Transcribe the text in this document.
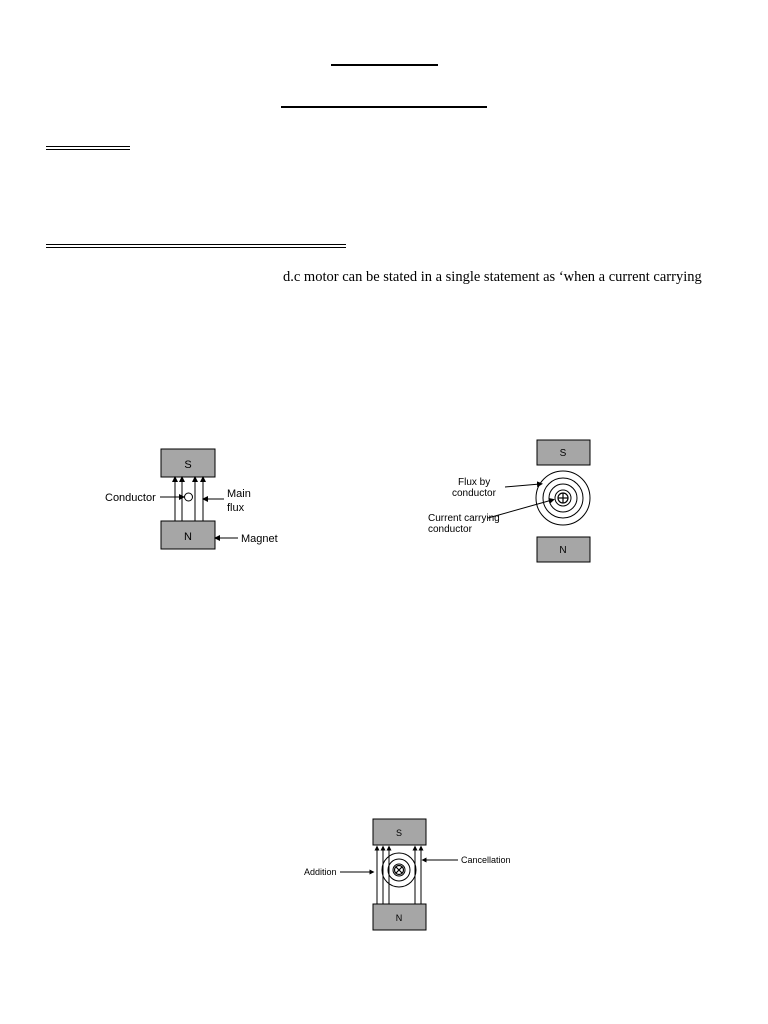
d.c motor can be stated in a single statement as ‘when a current carrying
S
N
Conductor	Main
flux
Magnet
S
N
Flux by
conductor
Current carrying
conductor
S
N
Addition
Cancellation
